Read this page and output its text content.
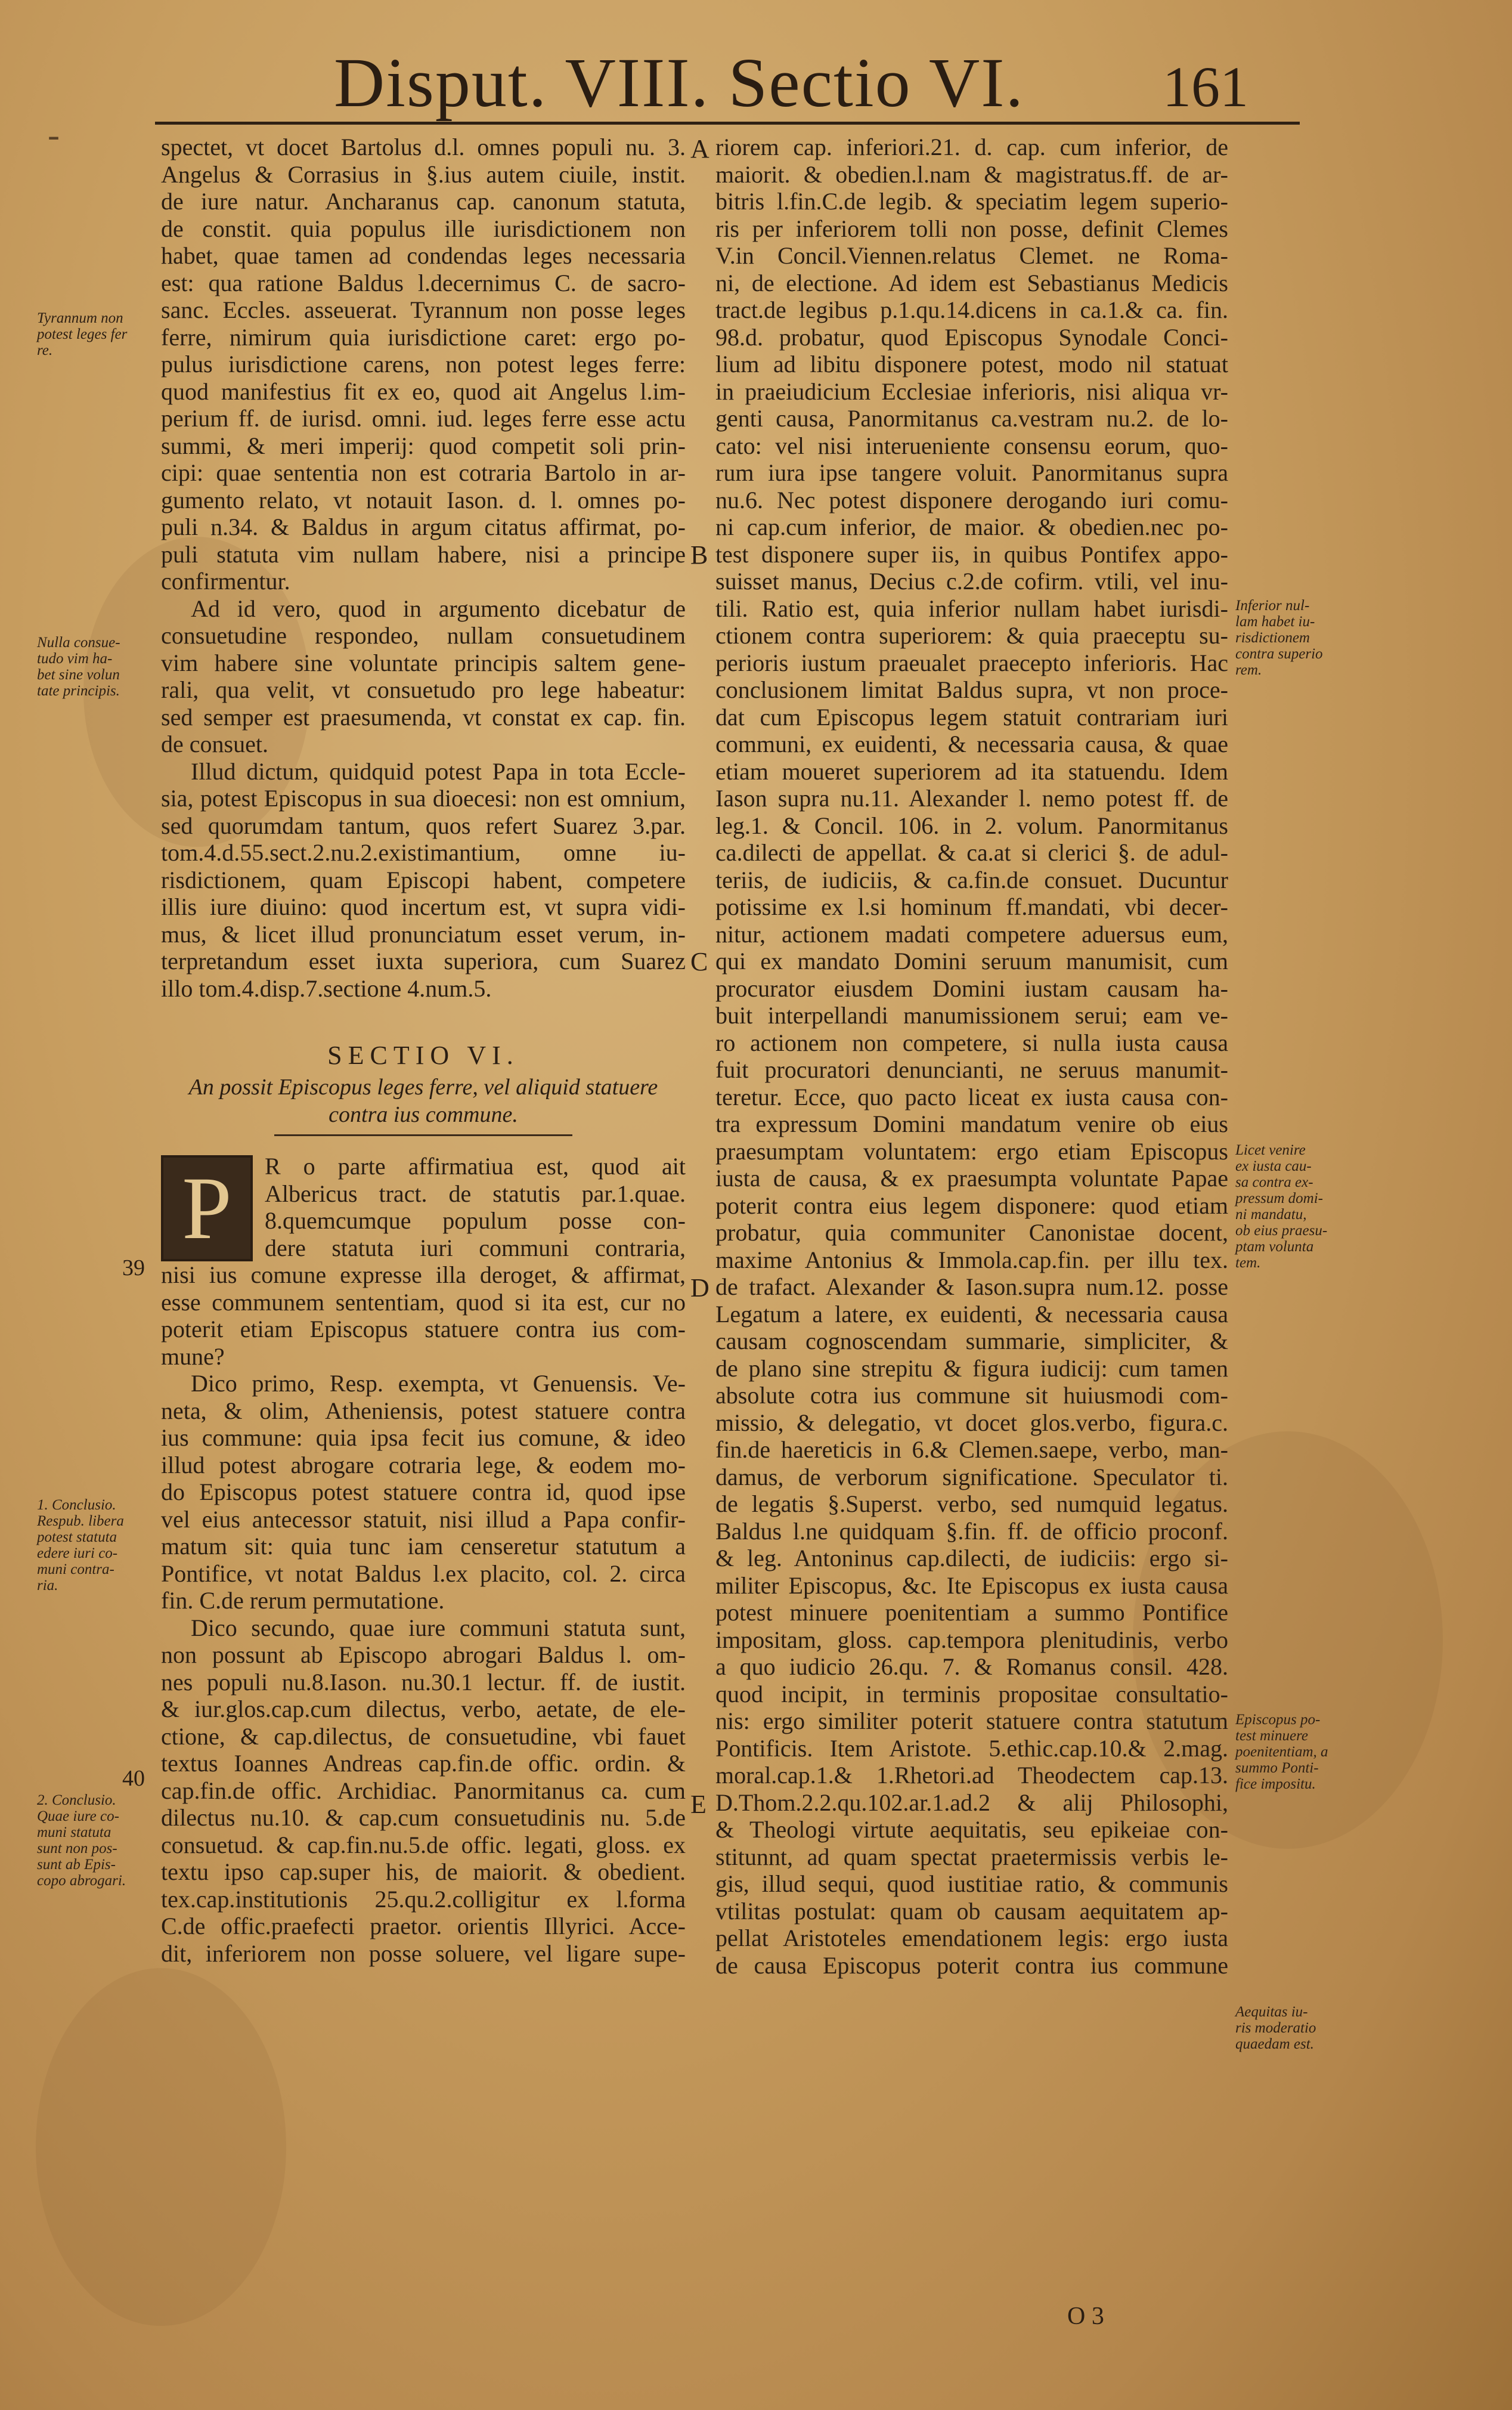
-
Disput. VIII. Sectio VI. 161
spectet, vt docet Bartolus d.l. omnes populi nu. 3.
Angelus & Corrasius in §.ius autem ciuile, instit.
de iure natur. Ancharanus cap. canonum statuta,
de constit. quia populus ille iurisdictionem non
habet, quae tamen ad condendas leges necessaria
est: qua ratione Baldus l.decernimus C. de sacro-
sanc. Eccles. asseuerat. Tyrannum non posse leges
ferre, nimirum quia iurisdictione caret: ergo po-
pulus iurisdictione carens, non potest leges ferre:
quod manifestius fit ex eo, quod ait Angelus l.im-
perium ff. de iurisd. omni. iud. leges ferre esse actu
summi, & meri imperij: quod competit soli prin-
cipi: quae sententia non est cotraria Bartolo in ar-
gumento relato, vt notauit Iason. d. l. omnes po-
puli n.34. & Baldus in argum citatus affirmat, po-
puli statuta vim nullam habere, nisi a principe
confirmentur.
Ad id vero, quod in argumento dicebatur de
consuetudine respondeo, nullam consuetudinem
vim habere sine voluntate principis saltem gene-
rali, qua velit, vt consuetudo pro lege habeatur:
sed semper est praesumenda, vt constat ex cap. fin.
de consuet.
Illud dictum, quidquid potest Papa in tota Eccle-
sia, potest Episcopus in sua dioecesi: non est omnium,
sed quorumdam tantum, quos refert Suarez 3.par.
tom.4.d.55.sect.2.nu.2.existimantium, omne iu-
risdictionem, quam Episcopi habent, competere
illis iure diuino: quod incertum est, vt supra vidi-
mus, & licet illud pronunciatum esset verum, in-
terpretandum esset iuxta superiora, cum Suarez
illo tom.4.disp.7.sectione 4.num.5.
SECTIO VI.
An possit Episcopus leges ferre, vel aliquid statuere
contra ius commune.
P	R o parte affirmatiua est, quod ait
Albericus tract. de statutis par.1.quae.
8.quemcumque populum posse con-
dere statuta iuri communi contraria,
nisi ius comune expresse illa deroget, & affirmat,
esse communem sententiam, quod si ita est, cur no
poterit etiam Episcopus statuere contra ius com-
mune?
Dico primo, Resp. exempta, vt Genuensis. Ve-
neta, & olim, Atheniensis, potest statuere contra
ius commune: quia ipsa fecit ius comune, & ideo
illud potest abrogare cotraria lege, & eodem mo-
do Episcopus potest statuere contra id, quod ipse
vel eius antecessor statuit, nisi illud a Papa confir-
matum sit: quia tunc iam censeretur statutum a
Pontifice, vt notat Baldus l.ex placito, col. 2. circa
fin. C.de rerum permutatione.
Dico secundo, quae iure communi statuta sunt,
non possunt ab Episcopo abrogari Baldus l. om-
nes populi nu.8.Iason. nu.30.1 lectur. ff. de iustit.
& iur.glos.cap.cum dilectus, verbo, aetate, de ele-
ctione, & cap.dilectus, de consuetudine, vbi fauet
textus Ioannes Andreas cap.fin.de offic. ordin. &
cap.fin.de offic. Archidiac. Panormitanus ca. cum
dilectus nu.10. & cap.cum consuetudinis nu. 5.de
consuetud. & cap.fin.nu.5.de offic. legati, gloss. ex
textu ipso cap.super his, de maiorit. & obedient.
tex.cap.institutionis 25.qu.2.colligitur ex l.forma
C.de offic.praefecti praetor. orientis Illyrici. Acce-
dit, inferiorem non posse soluere, vel ligare supe-
riorem cap. inferiori.21. d. cap. cum inferior, de
maiorit. & obedien.l.nam & magistratus.ff. de ar-
bitris l.fin.C.de legib. & speciatim legem superio-
ris per inferiorem tolli non posse, definit Clemes
V.in Concil.Viennen.relatus Clemet. ne Roma-
ni, de electione. Ad idem est Sebastianus Medicis
tract.de legibus p.1.qu.14.dicens in ca.1.& ca. fin.
98.d. probatur, quod Episcopus Synodale Conci-
lium ad libitu disponere potest, modo nil statuat
in praeiudicium Ecclesiae inferioris, nisi aliqua vr-
genti causa, Panormitanus ca.vestram nu.2. de lo-
cato: vel nisi interueniente consensu eorum, quo-
rum iura ipse tangere voluit. Panormitanus supra
nu.6. Nec potest disponere derogando iuri comu-
ni cap.cum inferior, de maior. & obedien.nec po-
test disponere super iis, in quibus Pontifex appo-
suisset manus, Decius c.2.de cofirm. vtili, vel inu-
tili. Ratio est, quia inferior nullam habet iurisdi-
ctionem contra superiorem: & quia praeceptu su-
perioris iustum praeualet praecepto inferioris. Hac
conclusionem limitat Baldus supra, vt non proce-
dat cum Episcopus legem statuit contrariam iuri
communi, ex euidenti, & necessaria causa, & quae
etiam moueret superiorem ad ita statuendu. Idem
Iason supra nu.11. Alexander l. nemo potest ff. de
leg.1. & Concil. 106. in 2. volum. Panormitanus
ca.dilecti de appellat. & ca.at si clerici §. de adul-
teriis, de iudiciis, & ca.fin.de consuet. Ducuntur
potissime ex l.si hominum ff.mandati, vbi decer-
nitur, actionem madati competere aduersus eum,
qui ex mandato Domini seruum manumisit, cum
procurator eiusdem Domini iustam causam ha-
buit interpellandi manumissionem serui; eam ve-
ro actionem non competere, si nulla iusta causa
fuit procuratori denuncianti, ne seruus manumit-
teretur. Ecce, quo pacto liceat ex iusta causa con-
tra expressum Domini mandatum venire ob eius
praesumptam voluntatem: ergo etiam Episcopus
iusta de causa, & ex praesumpta voluntate Papae
poterit contra eius legem disponere: quod etiam
probatur, quia communiter Canonistae docent,
maxime Antonius & Immola.cap.fin. per illu tex.
de trafact. Alexander & Iason.supra num.12. posse
Legatum a latere, ex euidenti, & necessaria causa
causam cognoscendam summarie, simpliciter, &
de plano sine strepitu & figura iudicij: cum tamen
absolute cotra ius commune sit huiusmodi com-
missio, & delegatio, vt docet glos.verbo, figura.c.
fin.de haereticis in 6.& Clemen.saepe, verbo, man-
damus, de verborum significatione. Speculator ti.
de legatis §.Superst. verbo, sed numquid legatus.
Baldus l.ne quidquam §.fin. ff. de officio proconf.
& leg. Antoninus cap.dilecti, de iudiciis: ergo si-
militer Episcopus, &c. Ite Episcopus ex iusta causa
potest minuere poenitentiam a summo Pontifice
impositam, gloss. cap.tempora plenitudinis, verbo
a quo iudicio 26.qu. 7. & Romanus consil. 428.
quod incipit, in terminis propositae consultatio-
nis: ergo similiter poterit statuere contra statutum
Pontificis. Item Aristote. 5.ethic.cap.10.& 2.mag.
moral.cap.1.& 1.Rhetori.ad Theodectem cap.13.
D.Thom.2.2.qu.102.ar.1.ad.2 & alij Philosophi,
& Theologi virtute aequitatis, seu epikeiae con-
stitunnt, ad quam spectat praetermissis verbis le-
gis, illud sequi, quod iustitiae ratio, & communis
vtilitas postulat: quam ob causam aequitatem ap-
pellat Aristoteles emendationem legis: ergo iusta
de causa Episcopus poterit contra ius commune
39
40
A
B
C
D
E
Tyrannum non
potest leges fer
re.
Nulla consue-
tudo vim ha-
bet sine volun
tate principis.
1. Conclusio.
Respub. libera
potest statuta
edere iuri co-
muni contra-
ria.
2. Conclusio.
Quae iure co-
muni statuta
sunt non pos-
sunt ab Epis-
copo abrogari.
Inferior nul-
lam habet iu-
risdictionem
contra superio
rem.
Licet venire
ex iusta cau-
sa contra ex-
pressum domi-
ni mandatu,
ob eius praesu-
ptam volunta
tem.
Episcopus po-
test minuere
poenitentiam, a
summo Ponti-
fice impositu.
Aequitas iu-
ris moderatio
quaedam est.
O 3
